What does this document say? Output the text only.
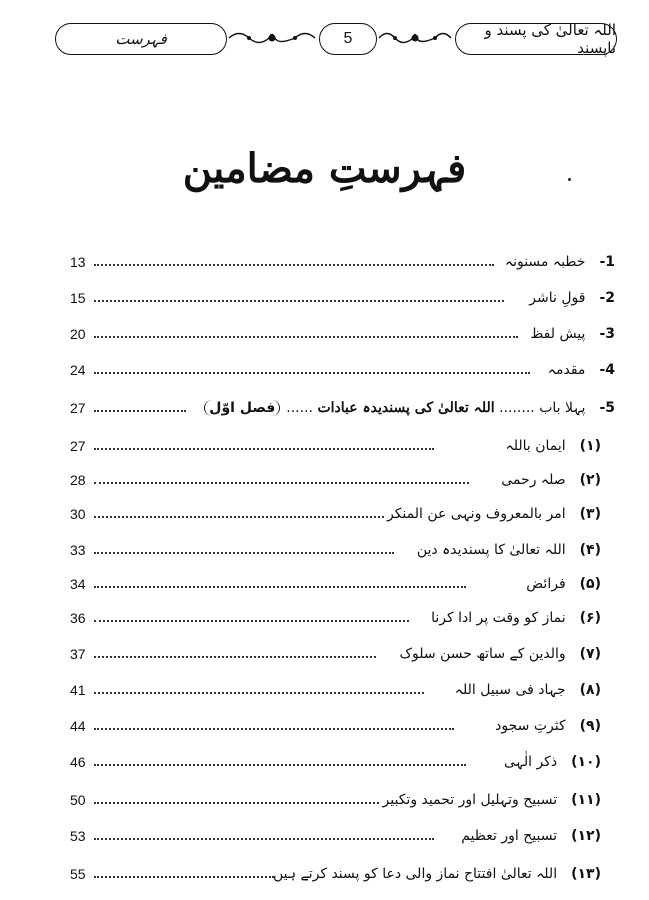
فہرست	5	اللہ تعالیٰ کی پسند و ناپسند
فہرستِ مضامین
13	1-خطبہ مسنونہ
15	2-قولِ ناشر
20	3-پیش لفظ
24	4-مقدمہ
27	5-پہلا باب ........ اللہ تعالیٰ کی پسندیدہ عبادات ......فصل اوّل
27	(۱)ایمان باللہ
28	(۲)صلہ رحمی
30	(۳)امر بالمعروف ونہی عن المنکر
33	(۴)اللہ تعالیٰ کا پسندیدہ دین
34	(۵)فرائض
36	(۶)نماز کو وقت پر ادا کرنا
37	(۷)والدین کے ساتھ حسن سلوک
41	(۸)جہاد فی سبیل اللہ
44	(۹)کثرتِ سجود
46	(۱۰)ذکر الٰہی
50	(۱۱)تسبیح وتہلیل اور تحمید وتکبیر
53	(۱۲)تسبیح اور تعظیم
55	(۱۳)اللہ تعالیٰ افتتاح نماز والی دعا کو پسند کرتے ہیں
